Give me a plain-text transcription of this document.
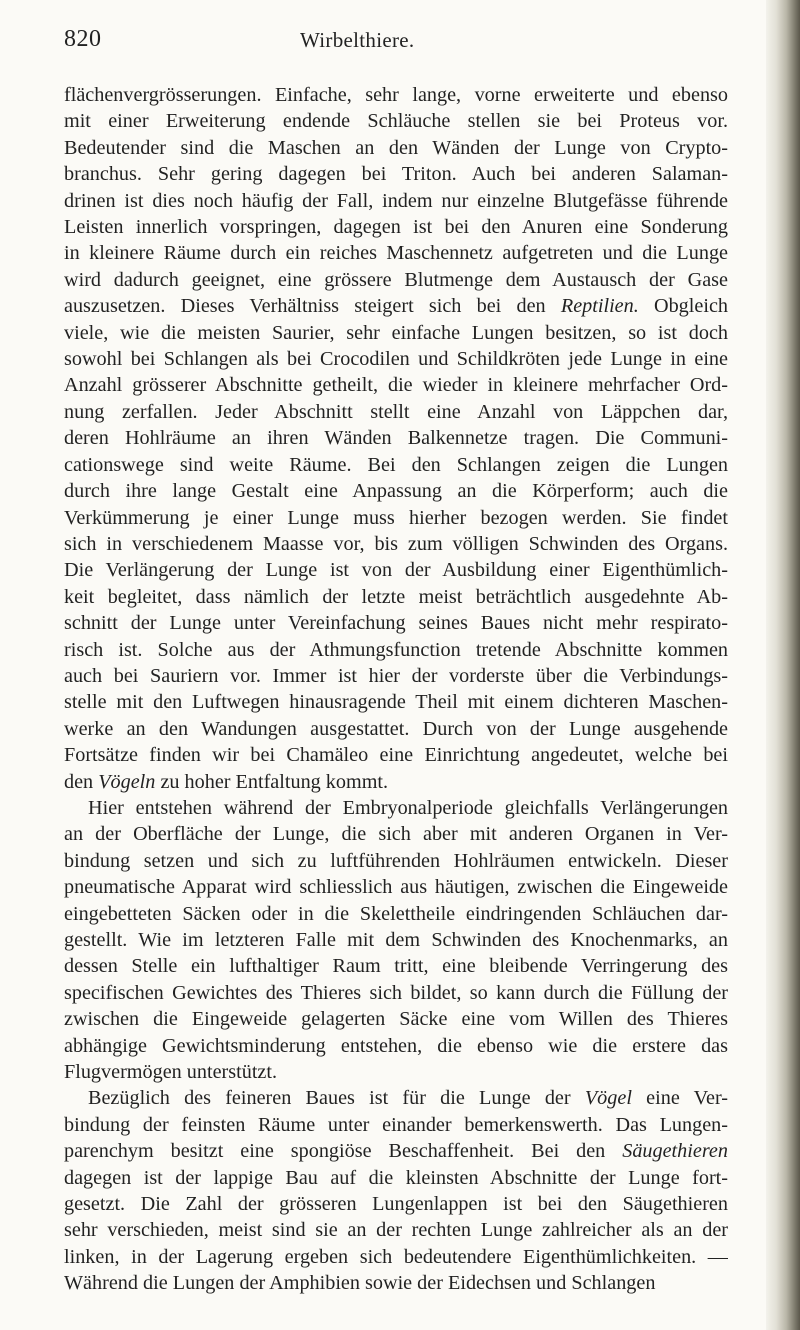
820	Wirbelthiere.

flächenvergrösserungen. Einfache, sehr lange, vorne erweiterte und ebenso
mit einer Erweiterung endende Schläuche stellen sie bei Proteus vor.
Bedeutender sind die Maschen an den Wänden der Lunge von Crypto-
branchus. Sehr gering dagegen bei Triton. Auch bei anderen Salaman-
drinen ist dies noch häufig der Fall, indem nur einzelne Blutgefässe führende
Leisten innerlich vorspringen, dagegen ist bei den Anuren eine Sonderung
in kleinere Räume durch ein reiches Maschennetz aufgetreten und die Lunge
wird dadurch geeignet, eine grössere Blutmenge dem Austausch der Gase
auszusetzen. Dieses Verhältniss steigert sich bei den Reptilien. Obgleich
viele, wie die meisten Saurier, sehr einfache Lungen besitzen, so ist doch
sowohl bei Schlangen als bei Crocodilen und Schildkröten jede Lunge in eine
Anzahl grösserer Abschnitte getheilt, die wieder in kleinere mehrfacher Ord-
nung zerfallen. Jeder Abschnitt stellt eine Anzahl von Läppchen dar,
deren Hohlräume an ihren Wänden Balkennetze tragen. Die Communi-
cationswege sind weite Räume. Bei den Schlangen zeigen die Lungen
durch ihre lange Gestalt eine Anpassung an die Körperform; auch die
Verkümmerung je einer Lunge muss hierher bezogen werden. Sie findet
sich in verschiedenem Maasse vor, bis zum völligen Schwinden des Organs.
Die Verlängerung der Lunge ist von der Ausbildung einer Eigenthümlich-
keit begleitet, dass nämlich der letzte meist beträchtlich ausgedehnte Ab-
schnitt der Lunge unter Vereinfachung seines Baues nicht mehr respirato-
risch ist. Solche aus der Athmungsfunction tretende Abschnitte kommen
auch bei Sauriern vor. Immer ist hier der vorderste über die Verbindungs-
stelle mit den Luftwegen hinausragende Theil mit einem dichteren Maschen-
werke an den Wandungen ausgestattet. Durch von der Lunge ausgehende
Fortsätze finden wir bei Chamäleo eine Einrichtung angedeutet, welche bei
den Vögeln zu hoher Entfaltung kommt.

Hier entstehen während der Embryonalperiode gleichfalls Verlängerungen
an der Oberfläche der Lunge, die sich aber mit anderen Organen in Ver-
bindung setzen und sich zu luftführenden Hohlräumen entwickeln. Dieser
pneumatische Apparat wird schliesslich aus häutigen, zwischen die Eingeweide
eingebetteten Säcken oder in die Skelettheile eindringenden Schläuchen dar-
gestellt. Wie im letzteren Falle mit dem Schwinden des Knochenmarks, an
dessen Stelle ein lufthaltiger Raum tritt, eine bleibende Verringerung des
specifischen Gewichtes des Thieres sich bildet, so kann durch die Füllung der
zwischen die Eingeweide gelagerten Säcke eine vom Willen des Thieres
abhängige Gewichtsminderung entstehen, die ebenso wie die erstere das
Flugvermögen unterstützt.

Bezüglich des feineren Baues ist für die Lunge der Vögel eine Ver-
bindung der feinsten Räume unter einander bemerkenswerth. Das Lungen-
parenchym besitzt eine spongiöse Beschaffenheit. Bei den Säugethieren
dagegen ist der lappige Bau auf die kleinsten Abschnitte der Lunge fort-
gesetzt. Die Zahl der grösseren Lungenlappen ist bei den Säugethieren
sehr verschieden, meist sind sie an der rechten Lunge zahlreicher als an der
linken, in der Lagerung ergeben sich bedeutendere Eigenthümlichkeiten. —
Während die Lungen der Amphibien sowie der Eidechsen und Schlangen
